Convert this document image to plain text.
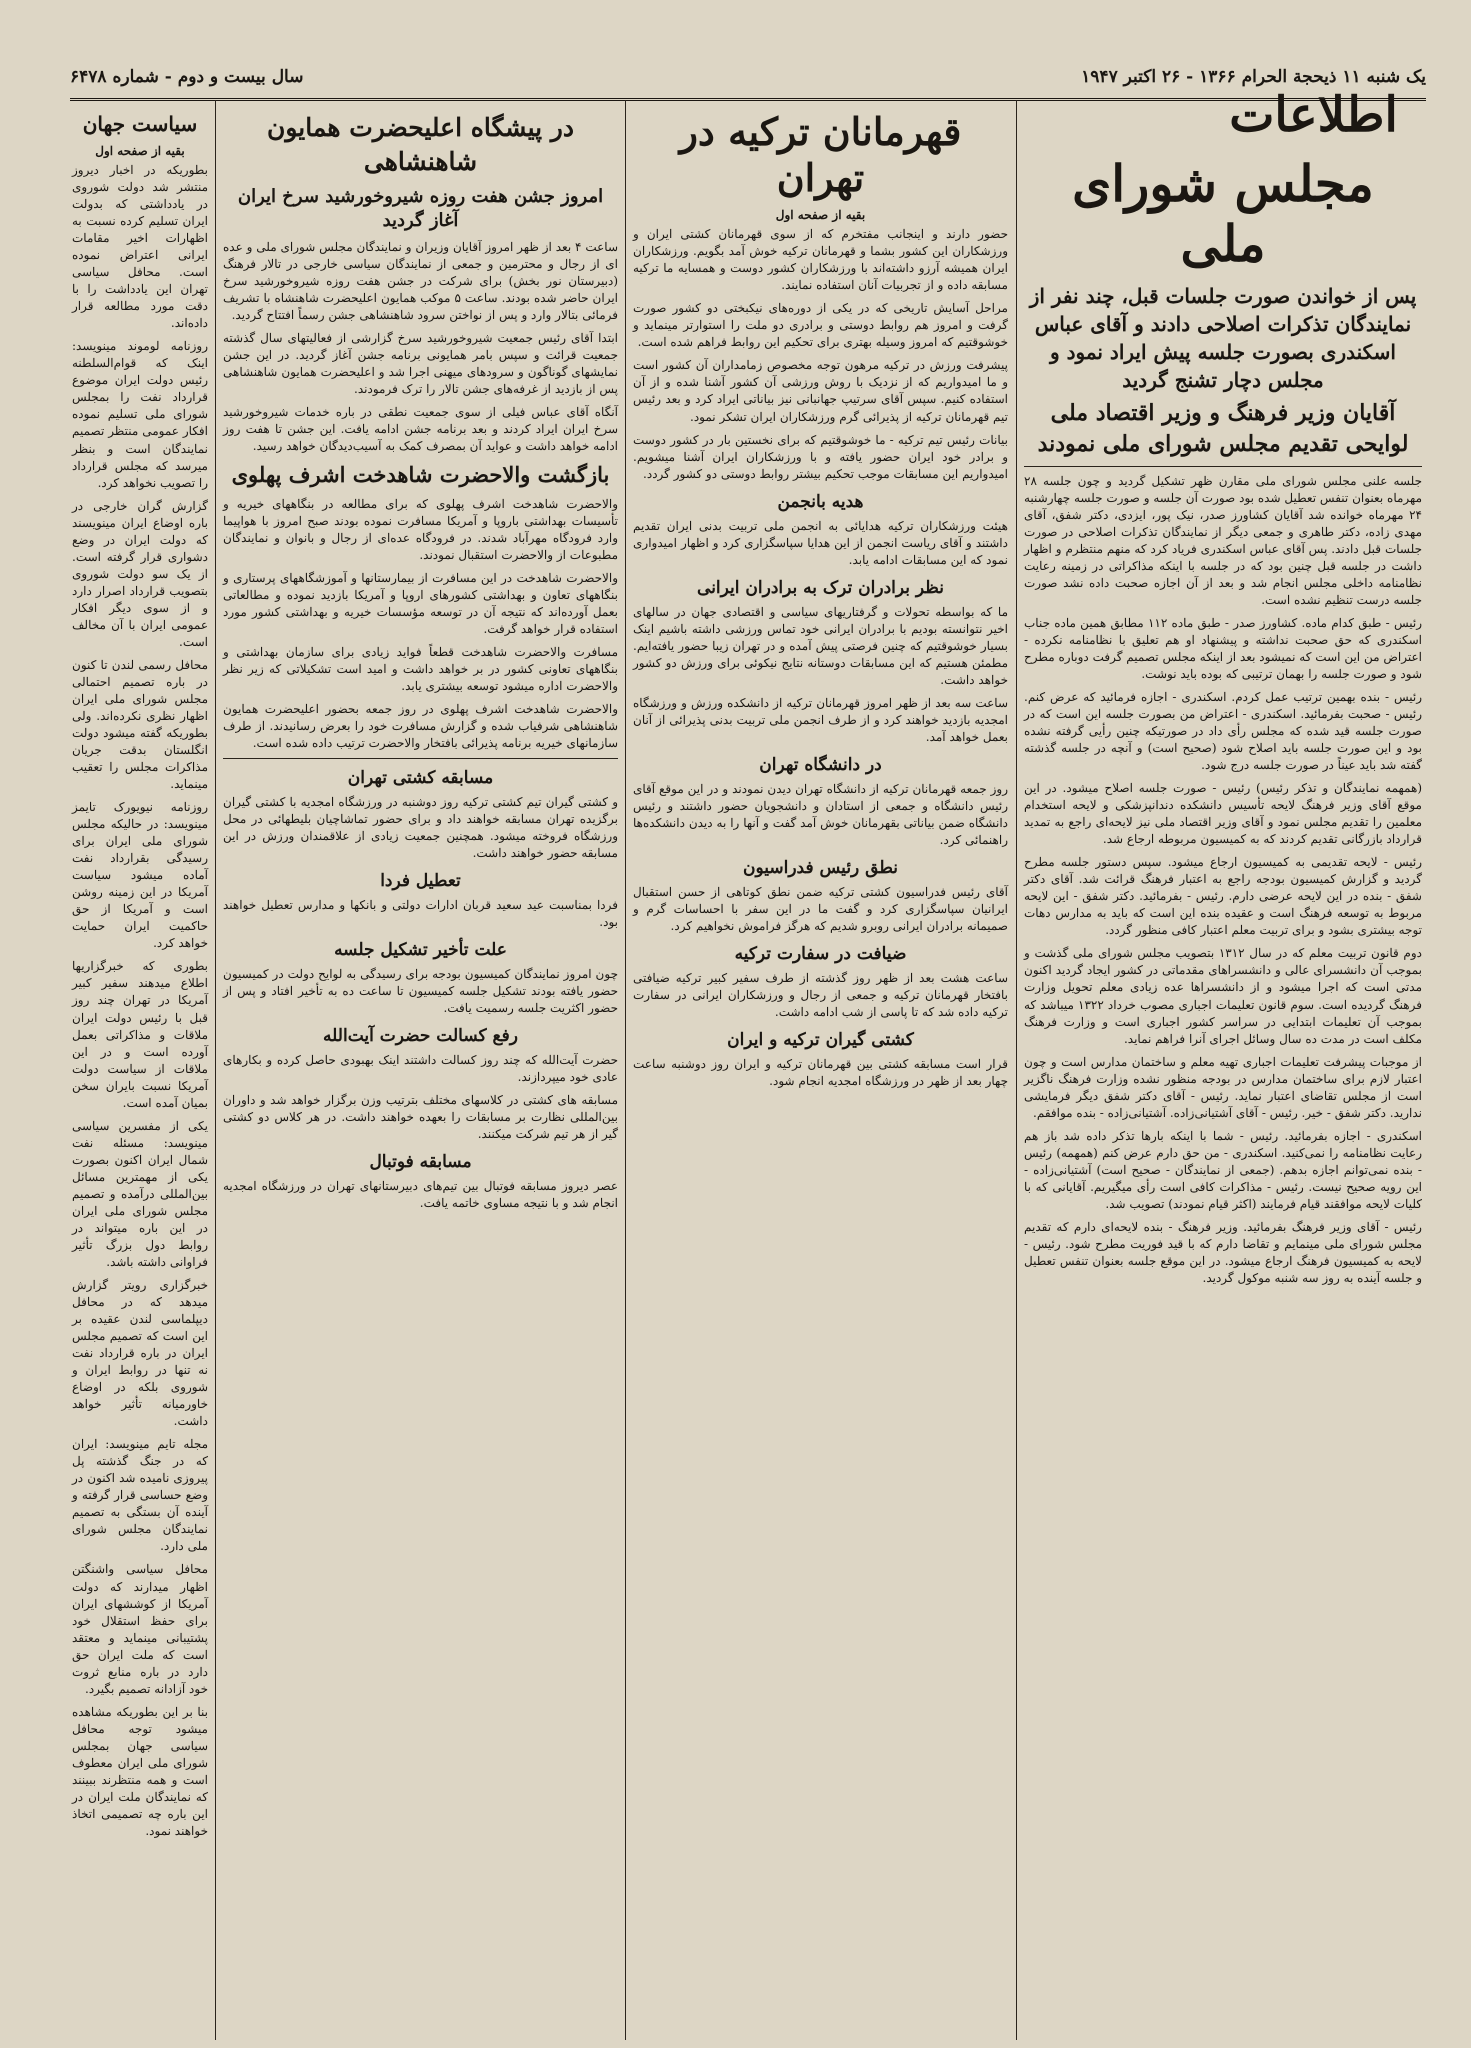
یک شنبه ۱۱ ذیحجة الحرام ۱۳۶۶ - ۲۶ اکتبر ۱۹۴۷
سال بیست و دوم - شماره ۶۴۷۸
اطلاعات
مجلس شورای ملی
پس از خواندن صورت جلسات قبل، چند نفر از نمایندگان تذکرات اصلاحی دادند و آقای عباس اسکندری بصورت جلسه پیش ایراد نمود و مجلس دچار تشنج گردید
آقایان وزیر فرهنگ و وزیر اقتصاد ملی لوایحی تقدیم مجلس شورای ملی نمودند
جلسه علنی مجلس شورای ملی مقارن ظهر تشکیل گردید و چون جلسه ۲۸ مهرماه بعنوان تنفس تعطیل شده بود صورت آن جلسه و صورت جلسه چهارشنبه ۲۴ مهرماه خوانده شد آقایان کشاورز صدر، نیک پور، ایزدی، دکتر شفق، آقای مهدی‌ زاده، دکتر طاهری و جمعی دیگر از نمایندگان تذکرات اصلاحی در صورت جلسات قبل دادند. پس آقای عباس اسکندری فریاد کرد که منهم منتظرم و اظهار داشت در جلسه قبل چنین بود که در جلسه با اینکه مذاکراتی در زمینه رعایت نظامنامه داخلی مجلس انجام شد و بعد از آن اجازه صحبت داده نشد صورت جلسه درست تنظیم نشده است.
رئیس - طبق کدام ماده. کشاورز صدر - طبق ماده ۱۱۲ مطابق همین ماده جناب اسکندری که حق صحبت نداشته و پیشنهاد او هم تعلیق با نظامنامه نکرده - اعتراض من این است که نمیشود بعد از اینکه مجلس تصمیم گرفت دوباره مطرح شود و صورت جلسه را بهمان ترتیبی که بوده باید نوشت.
رئیس - بنده بهمین ترتیب عمل کردم. اسکندری - اجازه فرمائید که عرض کنم. رئیس - صحبت بفرمائید. اسکندری - اعتراض من بصورت جلسه این است که در صورت جلسه قید شده که مجلس رأی داد در صورتیکه چنین رأیی گرفته نشده بود و این صورت جلسه باید اصلاح شود (صحیح است) و آنچه در جلسه گذشته گفته شد باید عیناً در صورت جلسه درج شود.
(همهمه نمایندگان و تذکر رئیس) رئیس - صورت جلسه اصلاح میشود. در این موقع آقای وزیر فرهنگ لایحه تأسیس دانشکده دندانپزشکی و لایحه استخدام معلمین را تقدیم مجلس نمود و آقای وزیر اقتصاد ملی نیز لایحه‌ای راجع به تمدید قرارداد بازرگانی تقدیم کردند که به کمیسیون مربوطه ارجاع شد.
رئیس - لایحه تقدیمی به کمیسیون ارجاع میشود. سپس دستور جلسه مطرح گردید و گزارش کمیسیون بودجه راجع به اعتبار فرهنگ قرائت شد. آقای دکتر شفق - بنده در این لایحه عرضی دارم. رئیس - بفرمائید. دکتر شفق - این لایحه مربوط به توسعه فرهنگ است و عقیده بنده این است که باید به مدارس دهات توجه بیشتری بشود و برای تربیت معلم اعتبار کافی منظور گردد.
دوم قانون تربیت معلم که در سال ۱۳۱۲ بتصویب مجلس شورای ملی گذشت و بموجب آن دانشسرای عالی و دانشسراهای مقدماتی در کشور ایجاد گردید اکنون مدتی است که اجرا میشود و از دانشسراها عده زیادی معلم تحویل وزارت فرهنگ گردیده است. سوم قانون تعلیمات اجباری مصوب خرداد ۱۳۲۲ میباشد که بموجب آن تعلیمات ابتدایی در سراسر کشور اجباری است و وزارت فرهنگ مکلف است در مدت ده سال وسائل اجرای آنرا فراهم نماید.
از موجبات پیشرفت تعلیمات اجباری تهیه معلم و ساختمان مدارس است و چون اعتبار لازم برای ساختمان مدارس در بودجه منظور نشده وزارت فرهنگ ناگزیر است از مجلس تقاضای اعتبار نماید. رئیس - آقای دکتر شفق دیگر فرمایشی ندارید. دکتر شفق - خیر. رئیس - آقای آشتیانی‌زاده. آشتیانی‌زاده - بنده موافقم.
اسکندری - اجازه بفرمائید. رئیس - شما با اینکه بارها تذکر داده شد باز هم رعایت نظامنامه را نمی‌کنید. اسکندری - من حق دارم عرض کنم (همهمه) رئیس - بنده نمی‌توانم اجازه بدهم. (جمعی از نمایندگان - صحیح است) آشتیانی‌زاده - این رویه صحیح نیست. رئیس - مذاکرات کافی است رأی میگیریم. آقایانی که با کلیات لایحه موافقند قیام فرمایند (اکثر قیام نمودند) تصویب شد.
رئیس - آقای وزیر فرهنگ بفرمائید. وزیر فرهنگ - بنده لایحه‌ای دارم که تقدیم مجلس شورای ملی مینمایم و تقاضا دارم که با قید فوریت مطرح شود. رئیس - لایحه به کمیسیون فرهنگ ارجاع میشود. در این موقع جلسه بعنوان تنفس تعطیل و جلسه آینده به روز سه شنبه موکول گردید.
قهرمانان ترکیه در تهران
بقیه از صفحه اول
حضور دارند و اینجانب مفتخرم که از سوی قهرمانان کشتی ایران و ورزشکاران این کشور بشما و قهرمانان ترکیه خوش آمد بگویم. ورزشکاران ایران همیشه آرزو داشته‌اند با ورزشکاران کشور دوست و همسایه ما ترکیه مسابقه داده و از تجربیات آنان استفاده نمایند.
مراحل آسایش تاریخی که در یکی از دوره‌های نیکبختی دو کشور صورت گرفت و امروز هم روابط دوستی و برادری دو ملت را استوارتر مینماید و خوشوقتیم که امروز وسیله بهتری برای تحکیم این روابط فراهم شده است.
پیشرفت ورزش در ترکیه مرهون توجه مخصوص زمامداران آن کشور است و ما امیدواریم که از نزدیک با روش ورزشی آن کشور آشنا شده و از آن استفاده کنیم. سپس آقای سرتیپ جهانبانی نیز بیاناتی ایراد کرد و بعد رئیس تیم قهرمانان ترکیه از پذیرائی گرم ورزشکاران ایران تشکر نمود.
بیانات رئیس تیم ترکیه - ما خوشوقتیم که برای نخستین بار در کشور دوست و برادر خود ایران حضور یافته و با ورزشکاران ایران آشنا میشویم. امیدواریم این مسابقات موجب تحکیم بیشتر روابط دوستی دو کشور گردد.
هدیه بانجمن
هیئت ورزشکاران ترکیه هدایائی به انجمن ملی تربیت بدنی ایران تقدیم داشتند و آقای ریاست انجمن از این هدایا سپاسگزاری کرد و اظهار امیدواری نمود که این مسابقات ادامه یابد.
نظر برادران ترک به برادران ایرانی
ما که بواسطه تحولات و گرفتاریهای سیاسی و اقتصادی جهان در سالهای اخیر نتوانسته بودیم با برادران ایرانی خود تماس ورزشی داشته باشیم اینک بسیار خوشوقتیم که چنین فرصتی پیش آمده و در تهران زیبا حضور یافته‌ایم. مطمئن هستیم که این مسابقات دوستانه نتایج نیکوئی برای ورزش دو کشور خواهد داشت.
ساعت سه بعد از ظهر امروز قهرمانان ترکیه از دانشکده ورزش و ورزشگاه امجدیه بازدید خواهند کرد و از طرف انجمن ملی تربیت بدنی پذیرائی از آنان بعمل خواهد آمد.
در دانشگاه تهران
روز جمعه قهرمانان ترکیه از دانشگاه تهران دیدن نمودند و در این موقع آقای رئیس دانشگاه و جمعی از استادان و دانشجویان حضور داشتند و رئیس دانشگاه ضمن بیاناتی بقهرمانان خوش آمد گفت و آنها را به دیدن دانشکده‌ها راهنمائی کرد.
نطق رئیس فدراسیون
آقای رئیس فدراسیون کشتی ترکیه ضمن نطق کوتاهی از حسن استقبال ایرانیان سپاسگزاری کرد و گفت ما در این سفر با احساسات گرم و صمیمانه برادران ایرانی روبرو شدیم که هرگز فراموش نخواهیم کرد.
ضیافت در سفارت ترکیه
ساعت هشت بعد از ظهر روز گذشته از طرف سفیر کبیر ترکیه ضیافتی بافتخار قهرمانان ترکیه و جمعی از رجال و ورزشکاران ایرانی در سفارت ترکیه داده شد که تا پاسی از شب ادامه داشت.
کشتی گیران ترکیه و ایران
قرار است مسابقه کشتی بین قهرمانان ترکیه و ایران روز دوشنبه ساعت چهار بعد از ظهر در ورزشگاه امجدیه انجام شود.
در پیشگاه اعلیحضرت همایون شاهنشاهی
امروز جشن هفت روزه شیروخورشید سرخ ایران آغاز گردید
ساعت ۴ بعد از ظهر امروز آقایان وزیران و نمایندگان مجلس شورای ملی و عده ای از رجال و محترمین و جمعی از نمایندگان سیاسی خارجی در تالار فرهنگ (دبیرستان نور بخش) برای شرکت در جشن هفت روزه شیروخورشید سرخ ایران حاضر شده بودند. ساعت ۵ موکب همایون اعلیحضرت شاهنشاه با تشریف فرمائی بتالار وارد و پس از نواختن سرود شاهنشاهی جشن رسماً افتتاح گردید.
ابتدا آقای رئیس جمعیت شیروخورشید سرخ گزارشی از فعالیتهای سال گذشته جمعیت قرائت و سپس بامر همایونی برنامه جشن آغاز گردید. در این جشن نمایشهای گوناگون و سرودهای میهنی اجرا شد و اعلیحضرت همایون شاهنشاهی پس از بازدید از غرفه‌های جشن تالار را ترک فرمودند.
آنگاه آقای عباس فیلی از سوی جمعیت نطقی در باره خدمات شیروخورشید سرخ ایران ایراد کردند و بعد برنامه جشن ادامه یافت. این جشن تا هفت روز ادامه خواهد داشت و عواید آن بمصرف کمک به آسیب‌دیدگان خواهد رسید.
بازگشت والاحضرت شاهدخت اشرف پهلوی
والاحضرت شاهدخت اشرف پهلوی که برای مطالعه در بنگاههای خیریه و تأسیسات بهداشتی باروپا و آمریکا مسافرت نموده بودند صبح امروز با هواپیما وارد فرودگاه مهرآباد شدند. در فرودگاه عده‌ای از رجال و بانوان و نمایندگان مطبوعات از والاحضرت استقبال نمودند.
والاحضرت شاهدخت در این مسافرت از بیمارستانها و آموزشگاههای پرستاری و بنگاههای تعاون و بهداشتی کشورهای اروپا و آمریکا بازدید نموده و مطالعاتی بعمل آورده‌اند که نتیجه آن در توسعه مؤسسات خیریه و بهداشتی کشور مورد استفاده قرار خواهد گرفت.
مسافرت والاحضرت شاهدخت قطعاً فواید زیادی برای سازمان بهداشتی و بنگاههای تعاونی کشور در بر خواهد داشت و امید است تشکیلاتی که زیر نظر والاحضرت اداره میشود توسعه بیشتری یابد.
والاحضرت شاهدخت اشرف پهلوی در روز جمعه بحضور اعلیحضرت همایون شاهنشاهی شرفیاب شده و گزارش مسافرت خود را بعرض رسانیدند. از طرف سازمانهای خیریه برنامه پذیرائی بافتخار والاحضرت ترتیب داده شده است.
مسابقه کشتی تهران
و کشتی گیران تیم کشتی ترکیه روز دوشنبه در ورزشگاه امجدیه با کشتی گیران برگزیده تهران مسابقه خواهند داد و برای حضور تماشاچیان بلیطهائی در محل ورزشگاه فروخته میشود. همچنین جمعیت زیادی از علاقمندان ورزش در این مسابقه حضور خواهند داشت.
تعطیل فردا
فردا بمناسبت عید سعید قربان ادارات دولتی و بانکها و مدارس تعطیل خواهند بود.
علت تأخیر تشکیل جلسه
چون امروز نمایندگان کمیسیون بودجه برای رسیدگی به لوایح دولت در کمیسیون حضور یافته بودند تشکیل جلسه کمیسیون تا ساعت ده به تأخیر افتاد و پس از حضور اکثریت جلسه رسمیت یافت.
رفع کسالت حضرت آیت‌الله
حضرت آیت‌الله که چند روز کسالت داشتند اینک بهبودی حاصل کرده و بکارهای عادی خود میپردازند.
مسابقه های کشتی در کلاسهای مختلف بترتیب وزن برگزار خواهد شد و داوران بین‌المللی نظارت بر مسابقات را بعهده خواهند داشت. در هر کلاس دو کشتی گیر از هر تیم شرکت میکنند.
مسابقه فوتبال
عصر دیروز مسابقه فوتبال بین تیم‌های دبیرستانهای تهران در ورزشگاه امجدیه انجام شد و با نتیجه مساوی خاتمه یافت.
سیاست جهان
بقیه از صفحه اول
بطوریکه در اخبار دیروز منتشر شد دولت شوروی در یادداشتی که بدولت ایران تسلیم کرده نسبت به اظهارات اخیر مقامات ایرانی اعتراض نموده است. محافل سیاسی تهران این یادداشت را با دقت مورد مطالعه قرار داده‌اند.
روزنامه لوموند مینویسد: اینک که قوام‌السلطنه رئیس دولت ایران موضوع قرارداد نفت را بمجلس شورای ملی تسلیم نموده افکار عمومی منتظر تصمیم نمایندگان است و بنظر میرسد که مجلس قرارداد را تصویب نخواهد کرد.
گزارش گران خارجی در باره اوضاع ایران مینویسند که دولت ایران در وضع دشواری قرار گرفته است. از یک سو دولت شوروی بتصویب قرارداد اصرار دارد و از سوی دیگر افکار عمومی ایران با آن مخالف است.
محافل رسمی لندن تا کنون در باره تصمیم احتمالی مجلس شورای ملی ایران اظهار نظری نکرده‌اند. ولی بطوریکه گفته میشود دولت انگلستان بدقت جریان مذاکرات مجلس را تعقیب مینماید.
روزنامه نیویورک تایمز مینویسد: در حالیکه مجلس شورای ملی ایران برای رسیدگی بقرارداد نفت آماده میشود سیاست آمریکا در این زمینه روشن است و آمریکا از حق حاکمیت ایران حمایت خواهد کرد.
بطوری که خبرگزاریها اطلاع میدهند سفیر کبیر آمریکا در تهران چند روز قبل با رئیس دولت ایران ملاقات و مذاکراتی بعمل آورده است و در این ملاقات از سیاست دولت آمریکا نسبت بایران سخن بمیان آمده است.
یکی از مفسرین سیاسی مینویسد: مسئله نفت شمال ایران اکنون بصورت یکی از مهمترین مسائل بین‌المللی درآمده و تصمیم مجلس شورای ملی ایران در این باره میتواند در روابط دول بزرگ تأثیر فراوانی داشته باشد.
خبرگزاری رویتر گزارش میدهد که در محافل دیپلماسی لندن عقیده بر این است که تصمیم مجلس ایران در باره قرارداد نفت نه تنها در روابط ایران و شوروی بلکه در اوضاع خاورمیانه تأثیر خواهد داشت.
مجله تایم مینویسد: ایران که در جنگ گذشته پل پیروزی نامیده شد اکنون در وضع حساسی قرار گرفته و آینده آن بستگی به تصمیم نمایندگان مجلس شورای ملی دارد.
محافل سیاسی واشنگتن اظهار میدارند که دولت آمریکا از کوششهای ایران برای حفظ استقلال خود پشتیبانی مینماید و معتقد است که ملت ایران حق دارد در باره منابع ثروت خود آزادانه تصمیم بگیرد.
بنا بر این بطوریکه مشاهده میشود توجه محافل سیاسی جهان بمجلس شورای ملی ایران معطوف است و همه منتظرند ببینند که نمایندگان ملت ایران در این باره چه تصمیمی اتخاذ خواهند نمود.
